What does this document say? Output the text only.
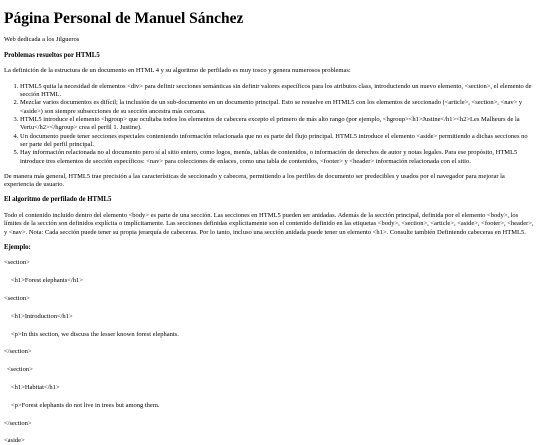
Página Personal de Manuel Sánchez
Web dedicada a los Jilgueros
Problemas resueltos por HTML5

La definición de la estructura de un documento en HTML 4 y su algoritmo de perfilado es muy tosco y genera numerosos problemas:

1. HTML5 quita la necesidad de elementos <div> para definir secciones semánticas sin definir valores específicos para los atributos class, introduciendo un nuevo elemento, <section>, el elemento de sección HTML.
2. Mezclar varios documentos es difícil; la inclusión de un sub-documento en un documento principal. Esto se resuelve en HTML5 con los elementos de seccionado (<article>, <section>, <nav> y <aside>) son siempre subsecciones de su sección ancestra más cercana.
3. HTML5 introduce el elemento <hgroup> que ocultaba todos los elementos de cabecera excepto el primero de más alto rango (por ejemplo, <hgroup><h1>Justine</h1><h2>Les Malheurs de la Vertu</h2></hgroup> crea el perfil 1. Justine).
4. Un documento puede tener secciones especiales conteniendo información relacionada que no es parte del flujo principal. HTML5 introduce el elemento <aside> permitiendo a dichas secciones no ser parte del perfil principal.
5. Hay información relacionada no al documento pero sí al sitio entero, como logos, menús, tablas de contenidos, o información de derechos de autor y notas legales. Para ese propósito, HTML5 introduce tres elementos de sección específicos: <nav> para colecciones de enlaces, como una tabla de contenidos, <footer> y <header> información relacionada con el sitio.

De manera más general, HTML5 trae precisión a las características de seccionado y cabecera, permitiendo a los perfiles de documento ser predecibles y usados por el navegador para mejorar la experiencia de usuario.

El algoritmo de perfilado de HTML5

Todo el contenido incluido dentro del elemento <body> es parte de una sección. Las secciones en HTML5 pueden ser anidadas. Además de la sección principal, definida por el elemento <body>, los límites de la sección son definidos explícita o implícitamente. Las secciones definidas explícitamente son el contenido definido en las etiquetas <body>, <section>, <article>, <aside>, <footer>, <header>, y <nav>. Nota: Cada sección puede tener su propia jerarquía de cabeceras. Por lo tanto, incluso una sección anidada puede tener un elemento <h1>. Consulte también Definiendo cabeceras en HTML5.

Ejemplo:
<section>
<h1>Forest elephants</h1>
<section>
<h1>Introduction</h1>
<p>In this section, we discuss the lesser known forest elephants.
</section>
<section>
<h1>Habitat</h1>
<p>Forest elephants do not live in trees but among them.
</section>
<aside>
